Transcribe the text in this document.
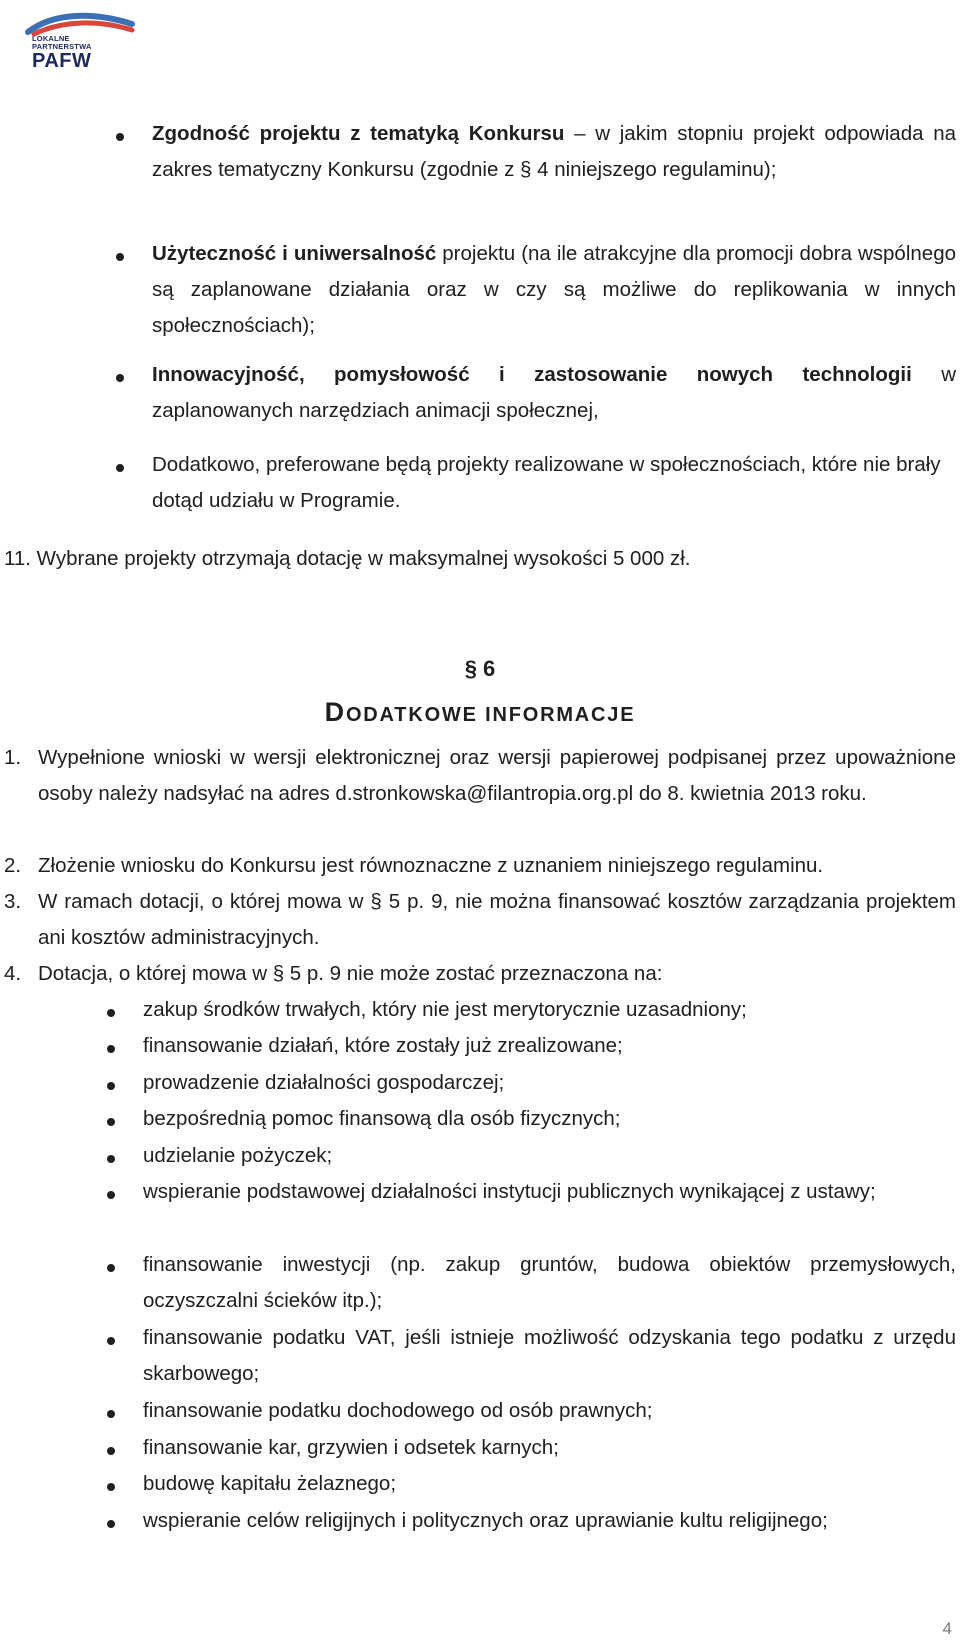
LOKALNE
PARTNERSTWA
PAFW
Zgodność projektu z tematyką Konkursu – w jakim stopniu projekt odpowiada na zakres tematyczny Konkursu (zgodnie z § 4 niniejszego regulaminu);
Użyteczność i uniwersalność projektu (na ile atrakcyjne dla promocji dobra wspólnego są zaplanowane działania oraz w czy są możliwe do replikowania w innych społecznościach);
Innowacyjność, pomysłowość i zastosowanie nowych technologii w zaplanowanych narzędziach animacji społecznej,
Dodatkowo, preferowane będą projekty realizowane w społecznościach, które nie brały dotąd udziału w Programie.
11. Wybrane projekty otrzymają dotację w maksymalnej wysokości 5 000 zł.
§ 6
DODATKOWE INFORMACJE
1. Wypełnione wnioski w wersji elektronicznej oraz wersji papierowej podpisanej przez upoważnione osoby należy nadsyłać na adres d.stronkowska@filantropia.org.pl do 8. kwietnia 2013 roku.
2. Złożenie wniosku do Konkursu jest równoznaczne z uznaniem niniejszego regulaminu.
3. W ramach dotacji, o której mowa w § 5 p. 9, nie można finansować kosztów zarządzania projektem ani kosztów administracyjnych.
4. Dotacja, o której mowa w § 5 p. 9 nie może zostać przeznaczona na:
zakup środków trwałych, który nie jest merytorycznie uzasadniony;
finansowanie działań, które zostały już zrealizowane;
prowadzenie działalności gospodarczej;
bezpośrednią pomoc finansową dla osób fizycznych;
udzielanie pożyczek;
wspieranie podstawowej działalności instytucji publicznych wynikającej z ustawy;
finansowanie inwestycji (np. zakup gruntów, budowa obiektów przemysłowych, oczyszczalni ścieków itp.);
finansowanie podatku VAT, jeśli istnieje możliwość odzyskania tego podatku z urzędu skarbowego;
finansowanie podatku dochodowego od osób prawnych;
finansowanie kar, grzywien i odsetek karnych;
budowę kapitału żelaznego;
wspieranie celów religijnych i politycznych oraz uprawianie kultu religijnego;
4
